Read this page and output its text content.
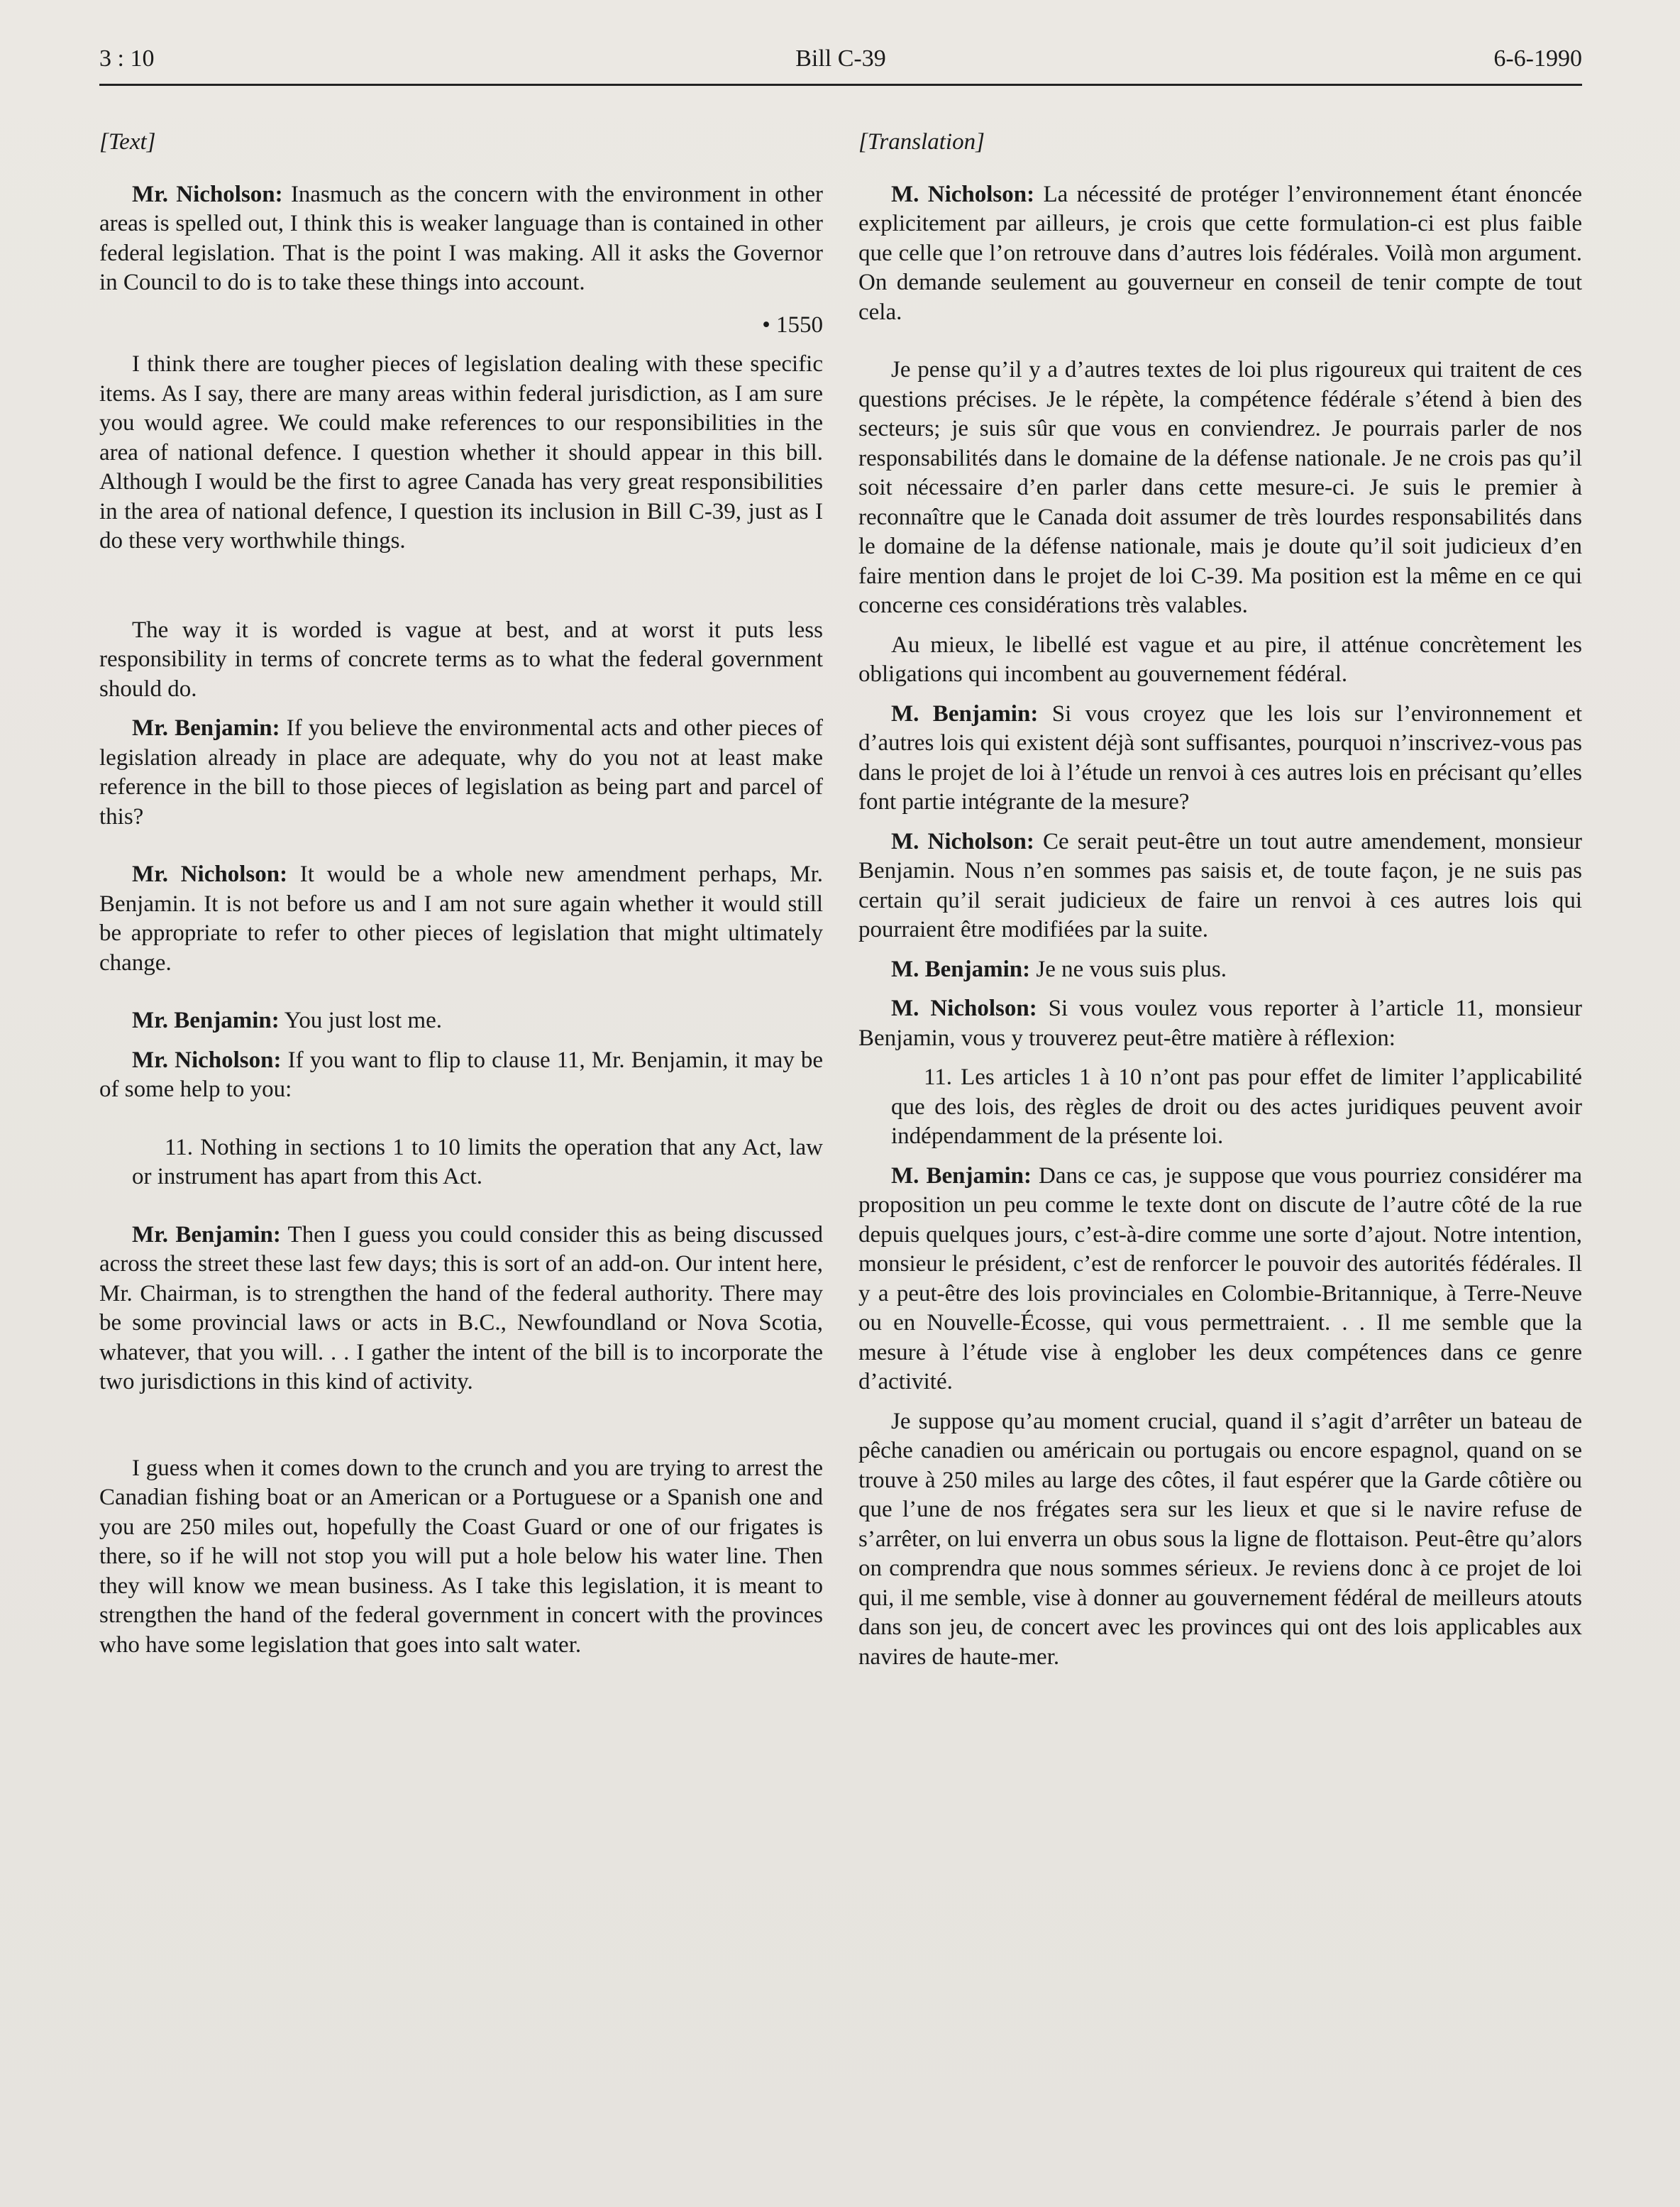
3 : 10	Bill C-39	6-6-1990

[Text]

Mr. Nicholson: Inasmuch as the concern with the environment in other areas is spelled out, I think this is weaker language than is contained in other federal legislation. That is the point I was making. All it asks the Governor in Council to do is to take these things into account.

• 1550

I think there are tougher pieces of legislation dealing with these specific items. As I say, there are many areas within federal jurisdiction, as I am sure you would agree. We could make references to our responsibilities in the area of national defence. I question whether it should appear in this bill. Although I would be the first to agree Canada has very great responsibilities in the area of national defence, I question its inclusion in Bill C-39, just as I do these very worthwhile things.

The way it is worded is vague at best, and at worst it puts less responsibility in terms of concrete terms as to what the federal government should do.

Mr. Benjamin: If you believe the environmental acts and other pieces of legislation already in place are adequate, why do you not at least make reference in the bill to those pieces of legislation as being part and parcel of this?

Mr. Nicholson: It would be a whole new amendment perhaps, Mr. Benjamin. It is not before us and I am not sure again whether it would still be appropriate to refer to other pieces of legislation that might ultimately change.

Mr. Benjamin: You just lost me.

Mr. Nicholson: If you want to flip to clause 11, Mr. Benjamin, it may be of some help to you:

11. Nothing in sections 1 to 10 limits the operation that any Act, law or instrument has apart from this Act.

Mr. Benjamin: Then I guess you could consider this as being discussed across the street these last few days; this is sort of an add-on. Our intent here, Mr. Chairman, is to strengthen the hand of the federal authority. There may be some provincial laws or acts in B.C., Newfoundland or Nova Scotia, whatever, that you will. . . I gather the intent of the bill is to incorporate the two jurisdictions in this kind of activity.

I guess when it comes down to the crunch and you are trying to arrest the Canadian fishing boat or an American or a Portuguese or a Spanish one and you are 250 miles out, hopefully the Coast Guard or one of our frigates is there, so if he will not stop you will put a hole below his water line. Then they will know we mean business. As I take this legislation, it is meant to strengthen the hand of the federal government in concert with the provinces who have some legislation that goes into salt water.

[Translation]

M. Nicholson: La nécessité de protéger l’environnement étant énoncée explicitement par ailleurs, je crois que cette formulation-ci est plus faible que celle que l’on retrouve dans d’autres lois fédérales. Voilà mon argument. On demande seulement au gouverneur en conseil de tenir compte de tout cela.

Je pense qu’il y a d’autres textes de loi plus rigoureux qui traitent de ces questions précises. Je le répète, la compétence fédérale s’étend à bien des secteurs; je suis sûr que vous en conviendrez. Je pourrais parler de nos responsabilités dans le domaine de la défense nationale. Je ne crois pas qu’il soit nécessaire d’en parler dans cette mesure-ci. Je suis le premier à reconnaître que le Canada doit assumer de très lourdes responsabilités dans le domaine de la défense nationale, mais je doute qu’il soit judicieux d’en faire mention dans le projet de loi C-39. Ma position est la même en ce qui concerne ces considérations très valables.

Au mieux, le libellé est vague et au pire, il atténue concrètement les obligations qui incombent au gouvernement fédéral.

M. Benjamin: Si vous croyez que les lois sur l’environnement et d’autres lois qui existent déjà sont suffisantes, pourquoi n’inscrivez-vous pas dans le projet de loi à l’étude un renvoi à ces autres lois en précisant qu’elles font partie intégrante de la mesure?

M. Nicholson: Ce serait peut-être un tout autre amendement, monsieur Benjamin. Nous n’en sommes pas saisis et, de toute façon, je ne suis pas certain qu’il serait judicieux de faire un renvoi à ces autres lois qui pourraient être modifiées par la suite.

M. Benjamin: Je ne vous suis plus.

M. Nicholson: Si vous voulez vous reporter à l’article 11, monsieur Benjamin, vous y trouverez peut-être matière à réflexion:

11. Les articles 1 à 10 n’ont pas pour effet de limiter l’applicabilité que des lois, des règles de droit ou des actes juridiques peuvent avoir indépendamment de la présente loi.

M. Benjamin: Dans ce cas, je suppose que vous pourriez considérer ma proposition un peu comme le texte dont on discute de l’autre côté de la rue depuis quelques jours, c’est-à-dire comme une sorte d’ajout. Notre intention, monsieur le président, c’est de renforcer le pouvoir des autorités fédérales. Il y a peut-être des lois provinciales en Colombie-Britannique, à Terre-Neuve ou en Nouvelle-Écosse, qui vous permettraient. . . Il me semble que la mesure à l’étude vise à englober les deux compétences dans ce genre d’activité.

Je suppose qu’au moment crucial, quand il s’agit d’arrêter un bateau de pêche canadien ou américain ou portugais ou encore espagnol, quand on se trouve à 250 miles au large des côtes, il faut espérer que la Garde côtière ou que l’une de nos frégates sera sur les lieux et que si le navire refuse de s’arrêter, on lui enverra un obus sous la ligne de flottaison. Peut-être qu’alors on comprendra que nous sommes sérieux. Je reviens donc à ce projet de loi qui, il me semble, vise à donner au gouvernement fédéral de meilleurs atouts dans son jeu, de concert avec les provinces qui ont des lois applicables aux navires de haute-mer.
